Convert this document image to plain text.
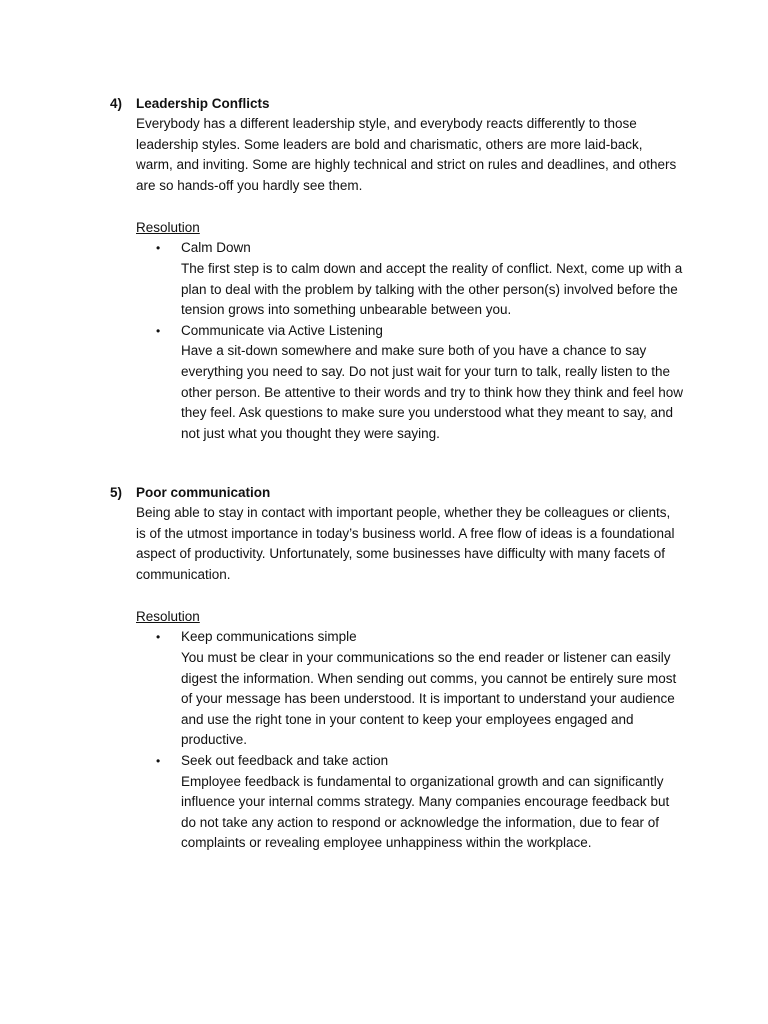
4)	Leadership Conflicts
Everybody has a different leadership style, and everybody reacts differently to those leadership styles. Some leaders are bold and charismatic, others are more laid-back, warm, and inviting. Some are highly technical and strict on rules and deadlines, and others are so hands-off you hardly see them.
Resolution
• Calm Down
The first step is to calm down and accept the reality of conflict. Next, come up with a plan to deal with the problem by talking with the other person(s) involved before the tension grows into something unbearable between you.
• Communicate via Active Listening
Have a sit-down somewhere and make sure both of you have a chance to say everything you need to say. Do not just wait for your turn to talk, really listen to the other person. Be attentive to their words and try to think how they think and feel how they feel. Ask questions to make sure you understood what they meant to say, and not just what you thought they were saying.
5)	Poor communication
Being able to stay in contact with important people, whether they be colleagues or clients, is of the utmost importance in today’s business world. A free flow of ideas is a foundational aspect of productivity. Unfortunately, some businesses have difficulty with many facets of communication.
Resolution
• Keep communications simple
You must be clear in your communications so the end reader or listener can easily digest the information. When sending out comms, you cannot be entirely sure most of your message has been understood. It is important to understand your audience and use the right tone in your content to keep your employees engaged and productive.
• Seek out feedback and take action
Employee feedback is fundamental to organizational growth and can significantly influence your internal comms strategy. Many companies encourage feedback but do not take any action to respond or acknowledge the information, due to fear of complaints or revealing employee unhappiness within the workplace.
